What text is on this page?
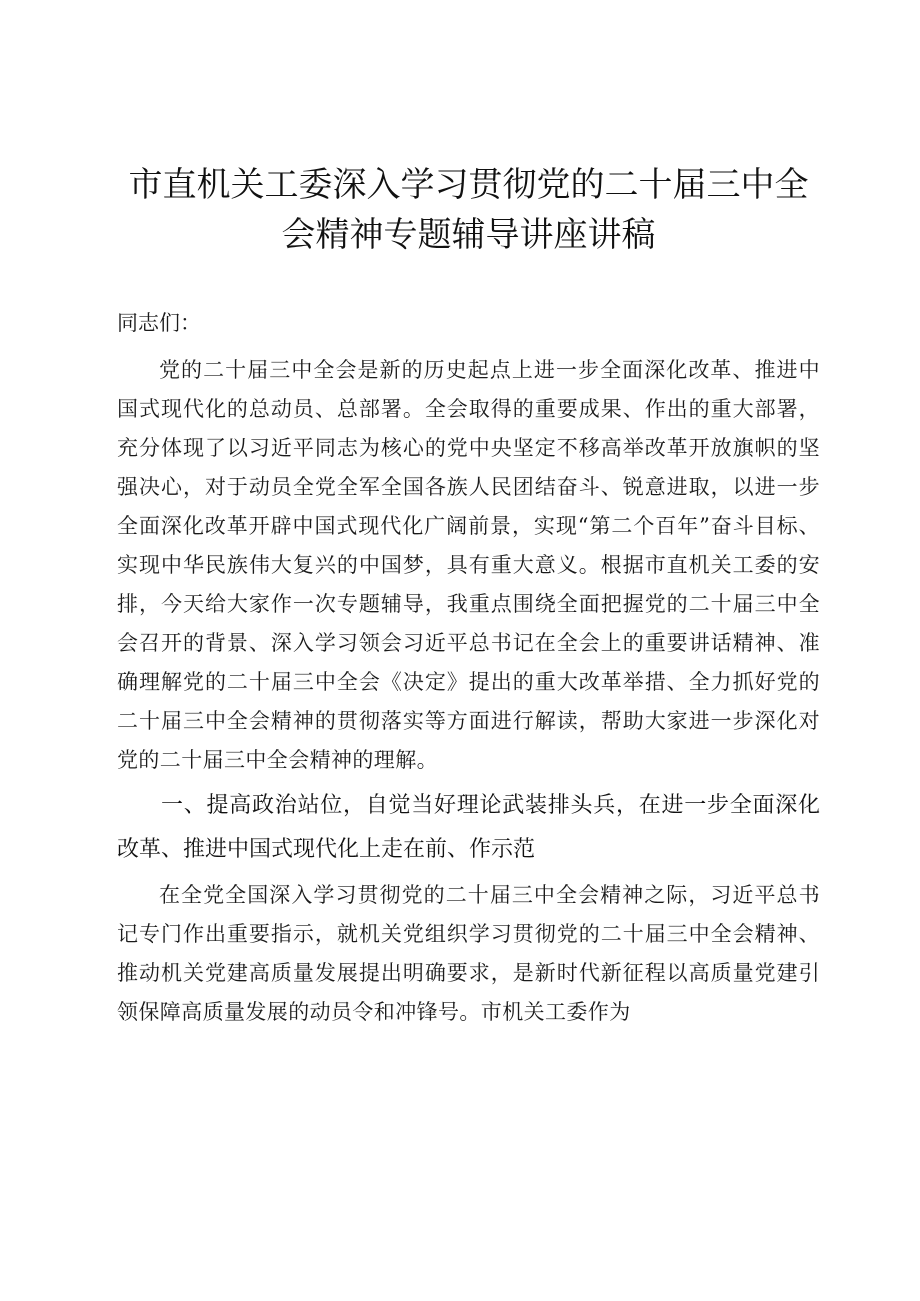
市直机关工委深入学习贯彻党的二十届三中全
会精神专题辅导讲座讲稿
同志们：

党的二十届三中全会是新的历史起点上进一步全面深化改革、推进中国式现代化的总动员、总部署。全会取得的重要成果、作出的重大部署，充分体现了以习近平同志为核心的党中央坚定不移高举改革开放旗帜的坚强决心，对于动员全党全军全国各族人民团结奋斗、锐意进取，以进一步全面深化改革开辟中国式现代化广阔前景，实现“第二个百年”奋斗目标、实现中华民族伟大复兴的中国梦，具有重大意义。根据市直机关工委的安排，今天给大家作一次专题辅导，我重点围绕全面把握党的二十届三中全会召开的背景、深入学习领会习近平总书记在全会上的重要讲话精神、准确理解党的二十届三中全会《决定》提出的重大改革举措、全力抓好党的二十届三中全会精神的贯彻落实等方面进行解读，帮助大家进一步深化对党的二十届三中全会精神的理解。

一、提高政治站位，自觉当好理论武装排头兵，在进一步全面深化改革、推进中国式现代化上走在前、作示范

在全党全国深入学习贯彻党的二十届三中全会精神之际，习近平总书记专门作出重要指示，就机关党组织学习贯彻党的二十届三中全会精神、推动机关党建高质量发展提出明确要求，是新时代新征程以高质量党建引领保障高质量发展的动员令和冲锋号。市机关工委作为
